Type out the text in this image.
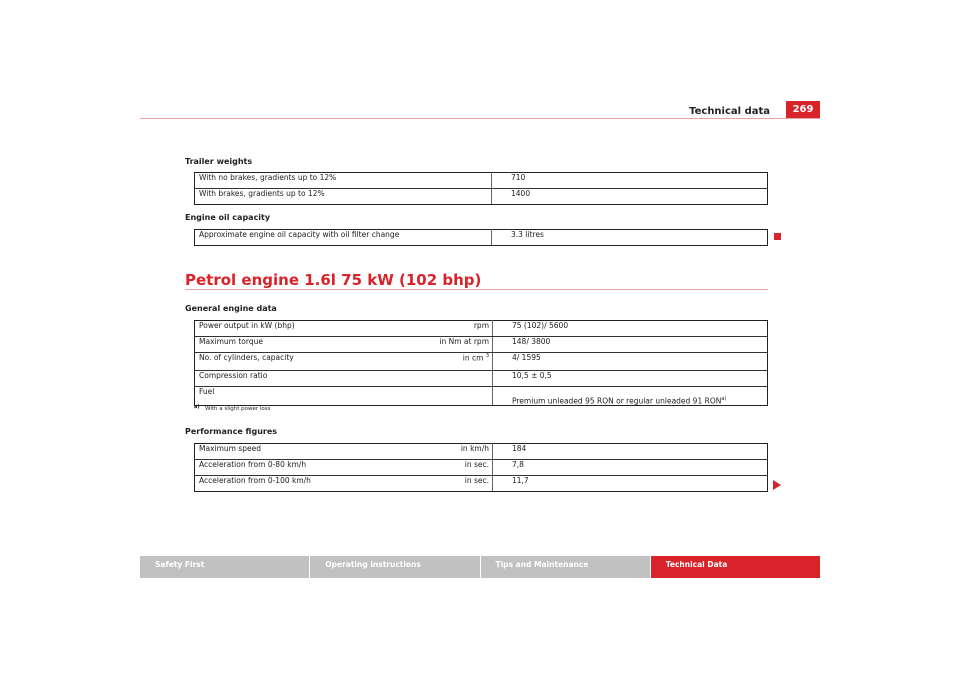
Technical data	269
Trailer weights
With no brakes, gradients up to 12%	710
With brakes, gradients up to 12%	1400
Engine oil capacity
Approximate engine oil capacity with oil filter change	3.3 litres
Petrol engine 1.6l 75 kW (102 bhp)
General engine data
Power output in kW (bhp)	rpm	75 (102)/ 5600
Maximum torque	in Nm at rpm	148/ 3800
No. of cylinders, capacity	in cm $^3$	4/ 1595
Compression ratio		10,5 ± 0,5
Fuel		Premium unleaded 95 RON or regular unleaded 91 RON$^{a)}$
a) With a slight power loss
Performance figures
Maximum speed	in km/h	184
Acceleration from 0-80 km/h	in sec.	7,8
Acceleration from 0-100 km/h	in sec.	11,7
Safety First	Operating instructions	Tips and Maintenance	Technical Data
